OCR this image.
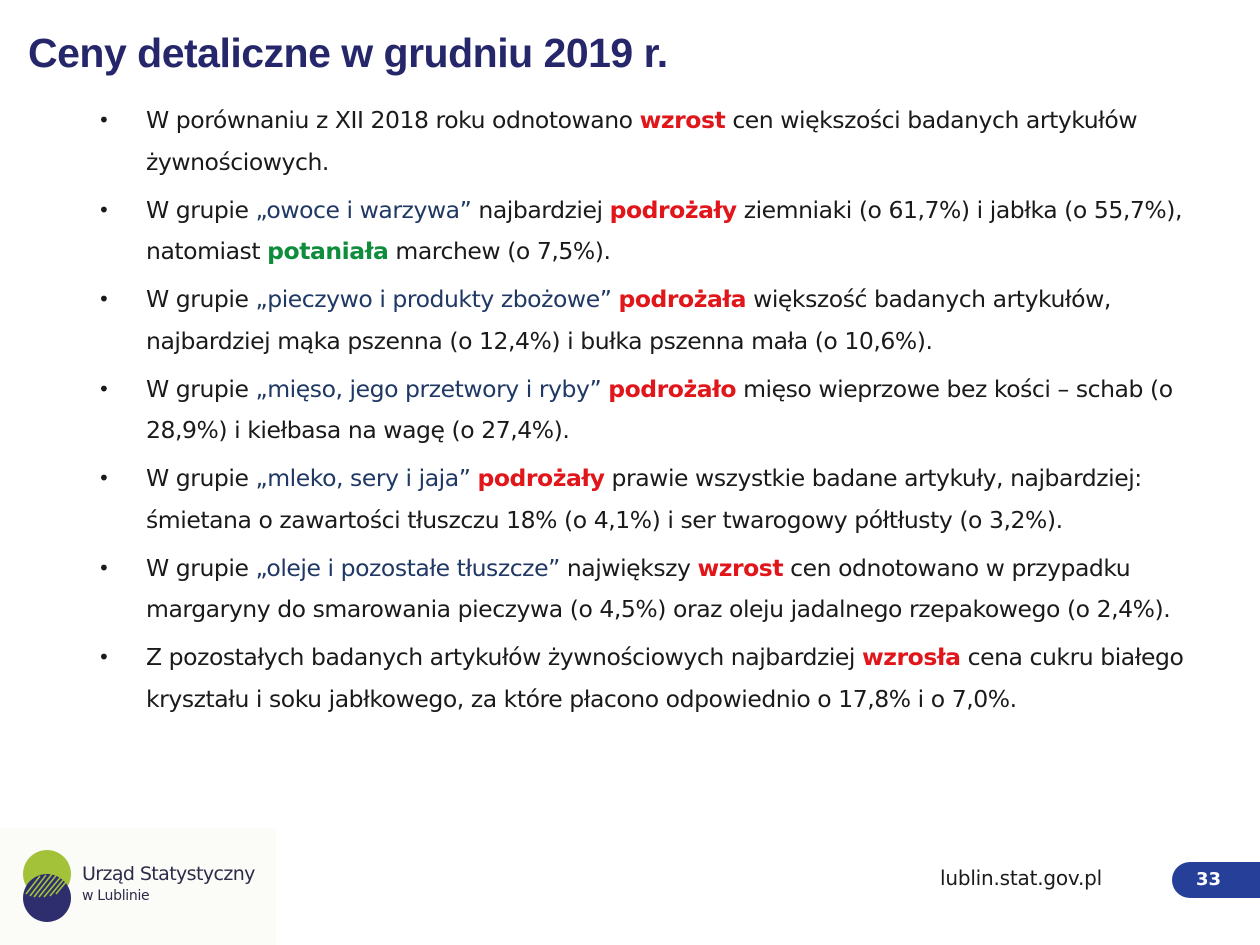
Ceny detaliczne w grudniu 2019 r.
• W porównaniu z XII 2018 roku odnotowano wzrost cen większości badanych artykułów żywnościowych.
• W grupie „owoce i warzywa” najbardziej podrożały ziemniaki (o 61,7%) i jabłka (o 55,7%), natomiast potaniała marchew (o 7,5%).
• W grupie „pieczywo i produkty zbożowe” podrożała większość badanych artykułów, najbardziej mąka pszenna (o 12,4%) i bułka pszenna mała (o 10,6%).
• W grupie „mięso, jego przetwory i ryby” podrożało mięso wieprzowe bez kości – schab (o 28,9%) i kiełbasa na wagę (o 27,4%).
• W grupie „mleko, sery i jaja” podrożały prawie wszystkie badane artykuły, najbardziej: śmietana o zawartości tłuszczu 18% (o 4,1%) i ser twarogowy półtłusty (o 3,2%).
• W grupie „oleje i pozostałe tłuszcze” największy wzrost cen odnotowano w przypadku margaryny do smarowania pieczywa (o 4,5%) oraz oleju jadalnego rzepakowego (o 2,4%).
• Z pozostałych badanych artykułów żywnościowych najbardziej wzrosła cena cukru białego kryształu i soku jabłkowego, za które płacono odpowiednio o 17,8% i o 7,0%.
Urząd Statystyczny
w Lublinie
lublin.stat.gov.pl	33
